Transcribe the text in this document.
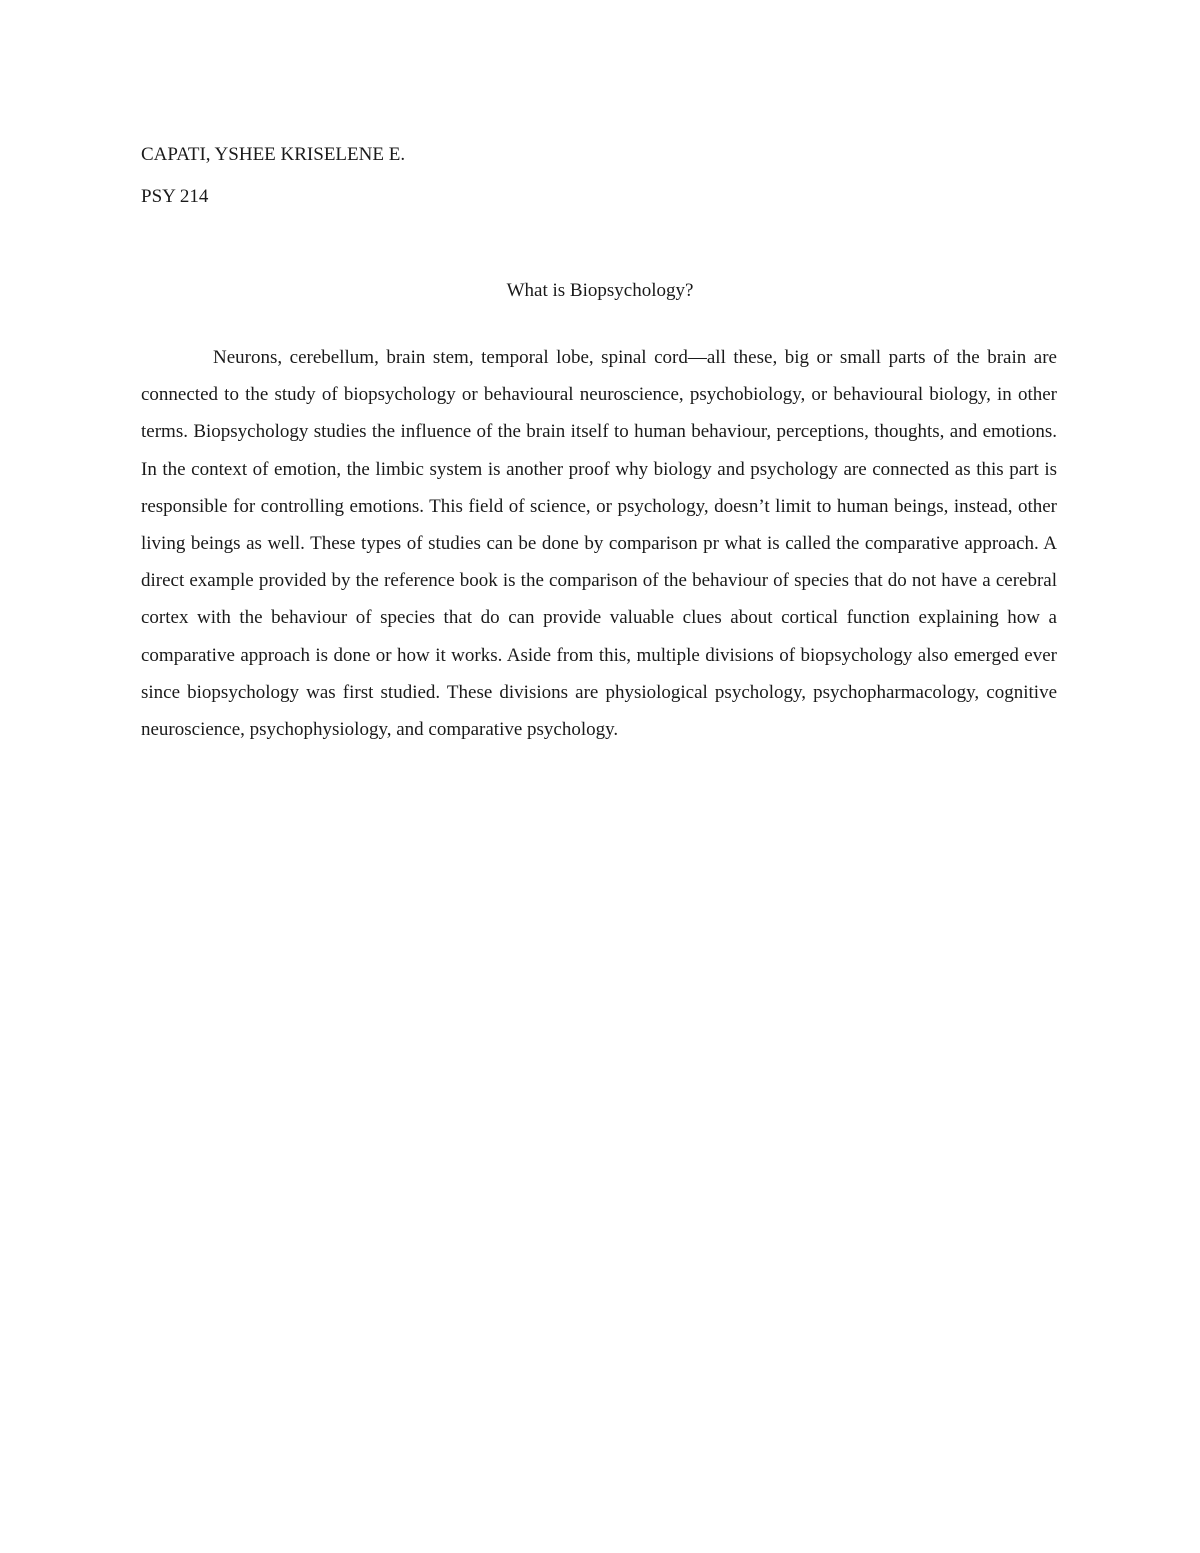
CAPATI, YSHEE KRISELENE E.
PSY 214
What is Biopsychology?

Neurons, cerebellum, brain stem, temporal lobe, spinal cord—all these, big or small parts of the brain are connected to the study of biopsychology or behavioural neuroscience, psychobiology, or behavioural biology, in other terms. Biopsychology studies the influence of the brain itself to human behaviour, perceptions, thoughts, and emotions. In the context of emotion, the limbic system is another proof why biology and psychology are connected as this part is responsible for controlling emotions. This field of science, or psychology, doesn’t limit to human beings, instead, other living beings as well. These types of studies can be done by comparison pr what is called the comparative approach. A direct example provided by the reference book is the comparison of the behaviour of species that do not have a cerebral cortex with the behaviour of species that do can provide valuable clues about cortical function explaining how a comparative approach is done or how it works. Aside from this, multiple divisions of biopsychology also emerged ever since biopsychology was first studied. These divisions are physiological psychology, psychopharmacology, cognitive neuroscience, psychophysiology, and comparative psychology.
